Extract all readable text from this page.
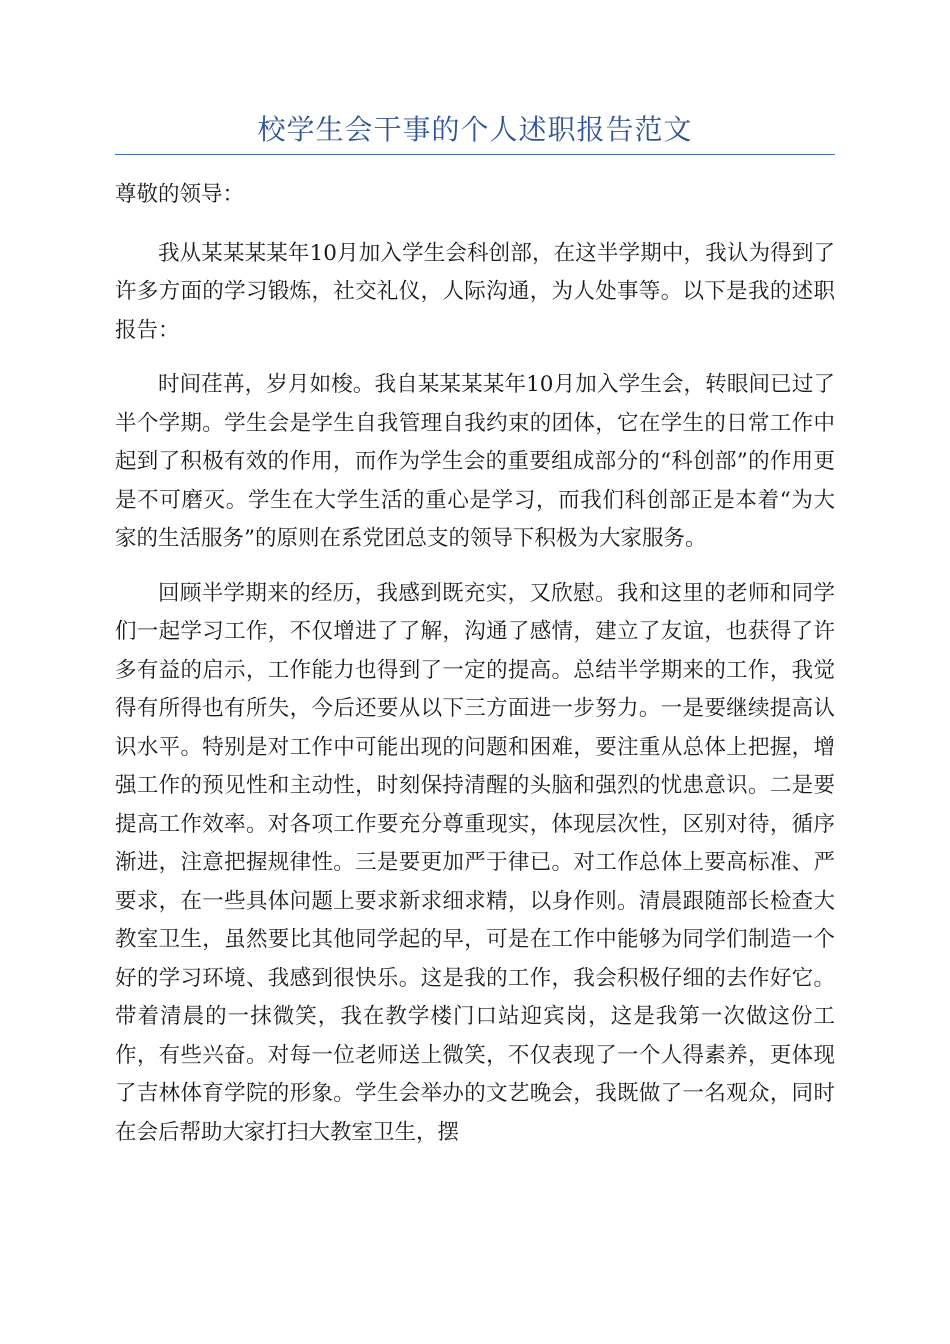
校学生会干事的个人述职报告范文

尊敬的领导：

我从某某某某年10月加入学生会科创部，在这半学期中，我认为得到了许多方面的学习锻炼，社交礼仪，人际沟通，为人处事等。以下是我的述职报告：

时间荏苒，岁月如梭。我自某某某某年10月加入学生会，转眼间已过了半个学期。学生会是学生自我管理自我约束的团体，它在学生的日常工作中起到了积极有效的作用，而作为学生会的重要组成部分的“科创部”的作用更是不可磨灭。学生在大学生活的重心是学习，而我们科创部正是本着“为大家的生活服务”的原则在系党团总支的领导下积极为大家服务。

回顾半学期来的经历，我感到既充实，又欣慰。我和这里的老师和同学们一起学习工作，不仅增进了了解，沟通了感情，建立了友谊，也获得了许多有益的启示，工作能力也得到了一定的提高。总结半学期来的工作，我觉得有所得也有所失，今后还要从以下三方面进一步努力。一是要继续提高认识水平。特别是对工作中可能出现的问题和困难，要注重从总体上把握，增强工作的预见性和主动性，时刻保持清醒的头脑和强烈的忧患意识。二是要提高工作效率。对各项工作要充分尊重现实，体现层次性，区别对待，循序渐进，注意把握规律性。三是要更加严于律已。对工作总体上要高标准、严要求，在一些具体问题上要求新求细求精，以身作则。清晨跟随部长检查大教室卫生，虽然要比其他同学起的早，可是在工作中能够为同学们制造一个好的学习环境、我感到很快乐。这是我的工作，我会积极仔细的去作好它。带着清晨的一抹微笑，我在教学楼门口站迎宾岗，这是我第一次做这份工作，有些兴奋。对每一位老师送上微笑，不仅表现了一个人得素养，更体现了吉林体育学院的形象。学生会举办的文艺晚会，我既做了一名观众，同时在会后帮助大家打扫大教室卫生，摆
